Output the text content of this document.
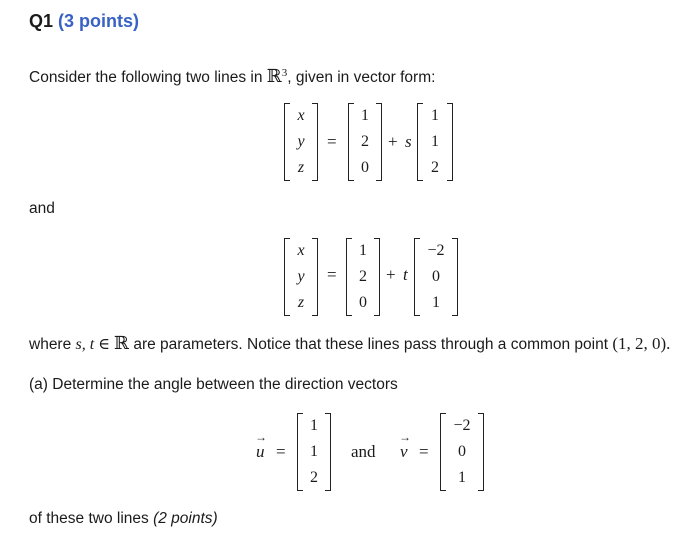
Q1 (3 points)
Consider the following two lines in ℝ$^3$, given in vector form:
x
y
z
=
1
2
0
+ s
1
1
2
and
x
y
z
=
1
2
0
+ t
−2
0
1
where s, t ∈ ℝ are parameters. Notice that these lines pass through a common point (1, 2, 0).
(a) Determine the angle between the direction vectors
→
u =
1
1
2
and
→
v =
−2
0
1
of these two lines (2 points)
